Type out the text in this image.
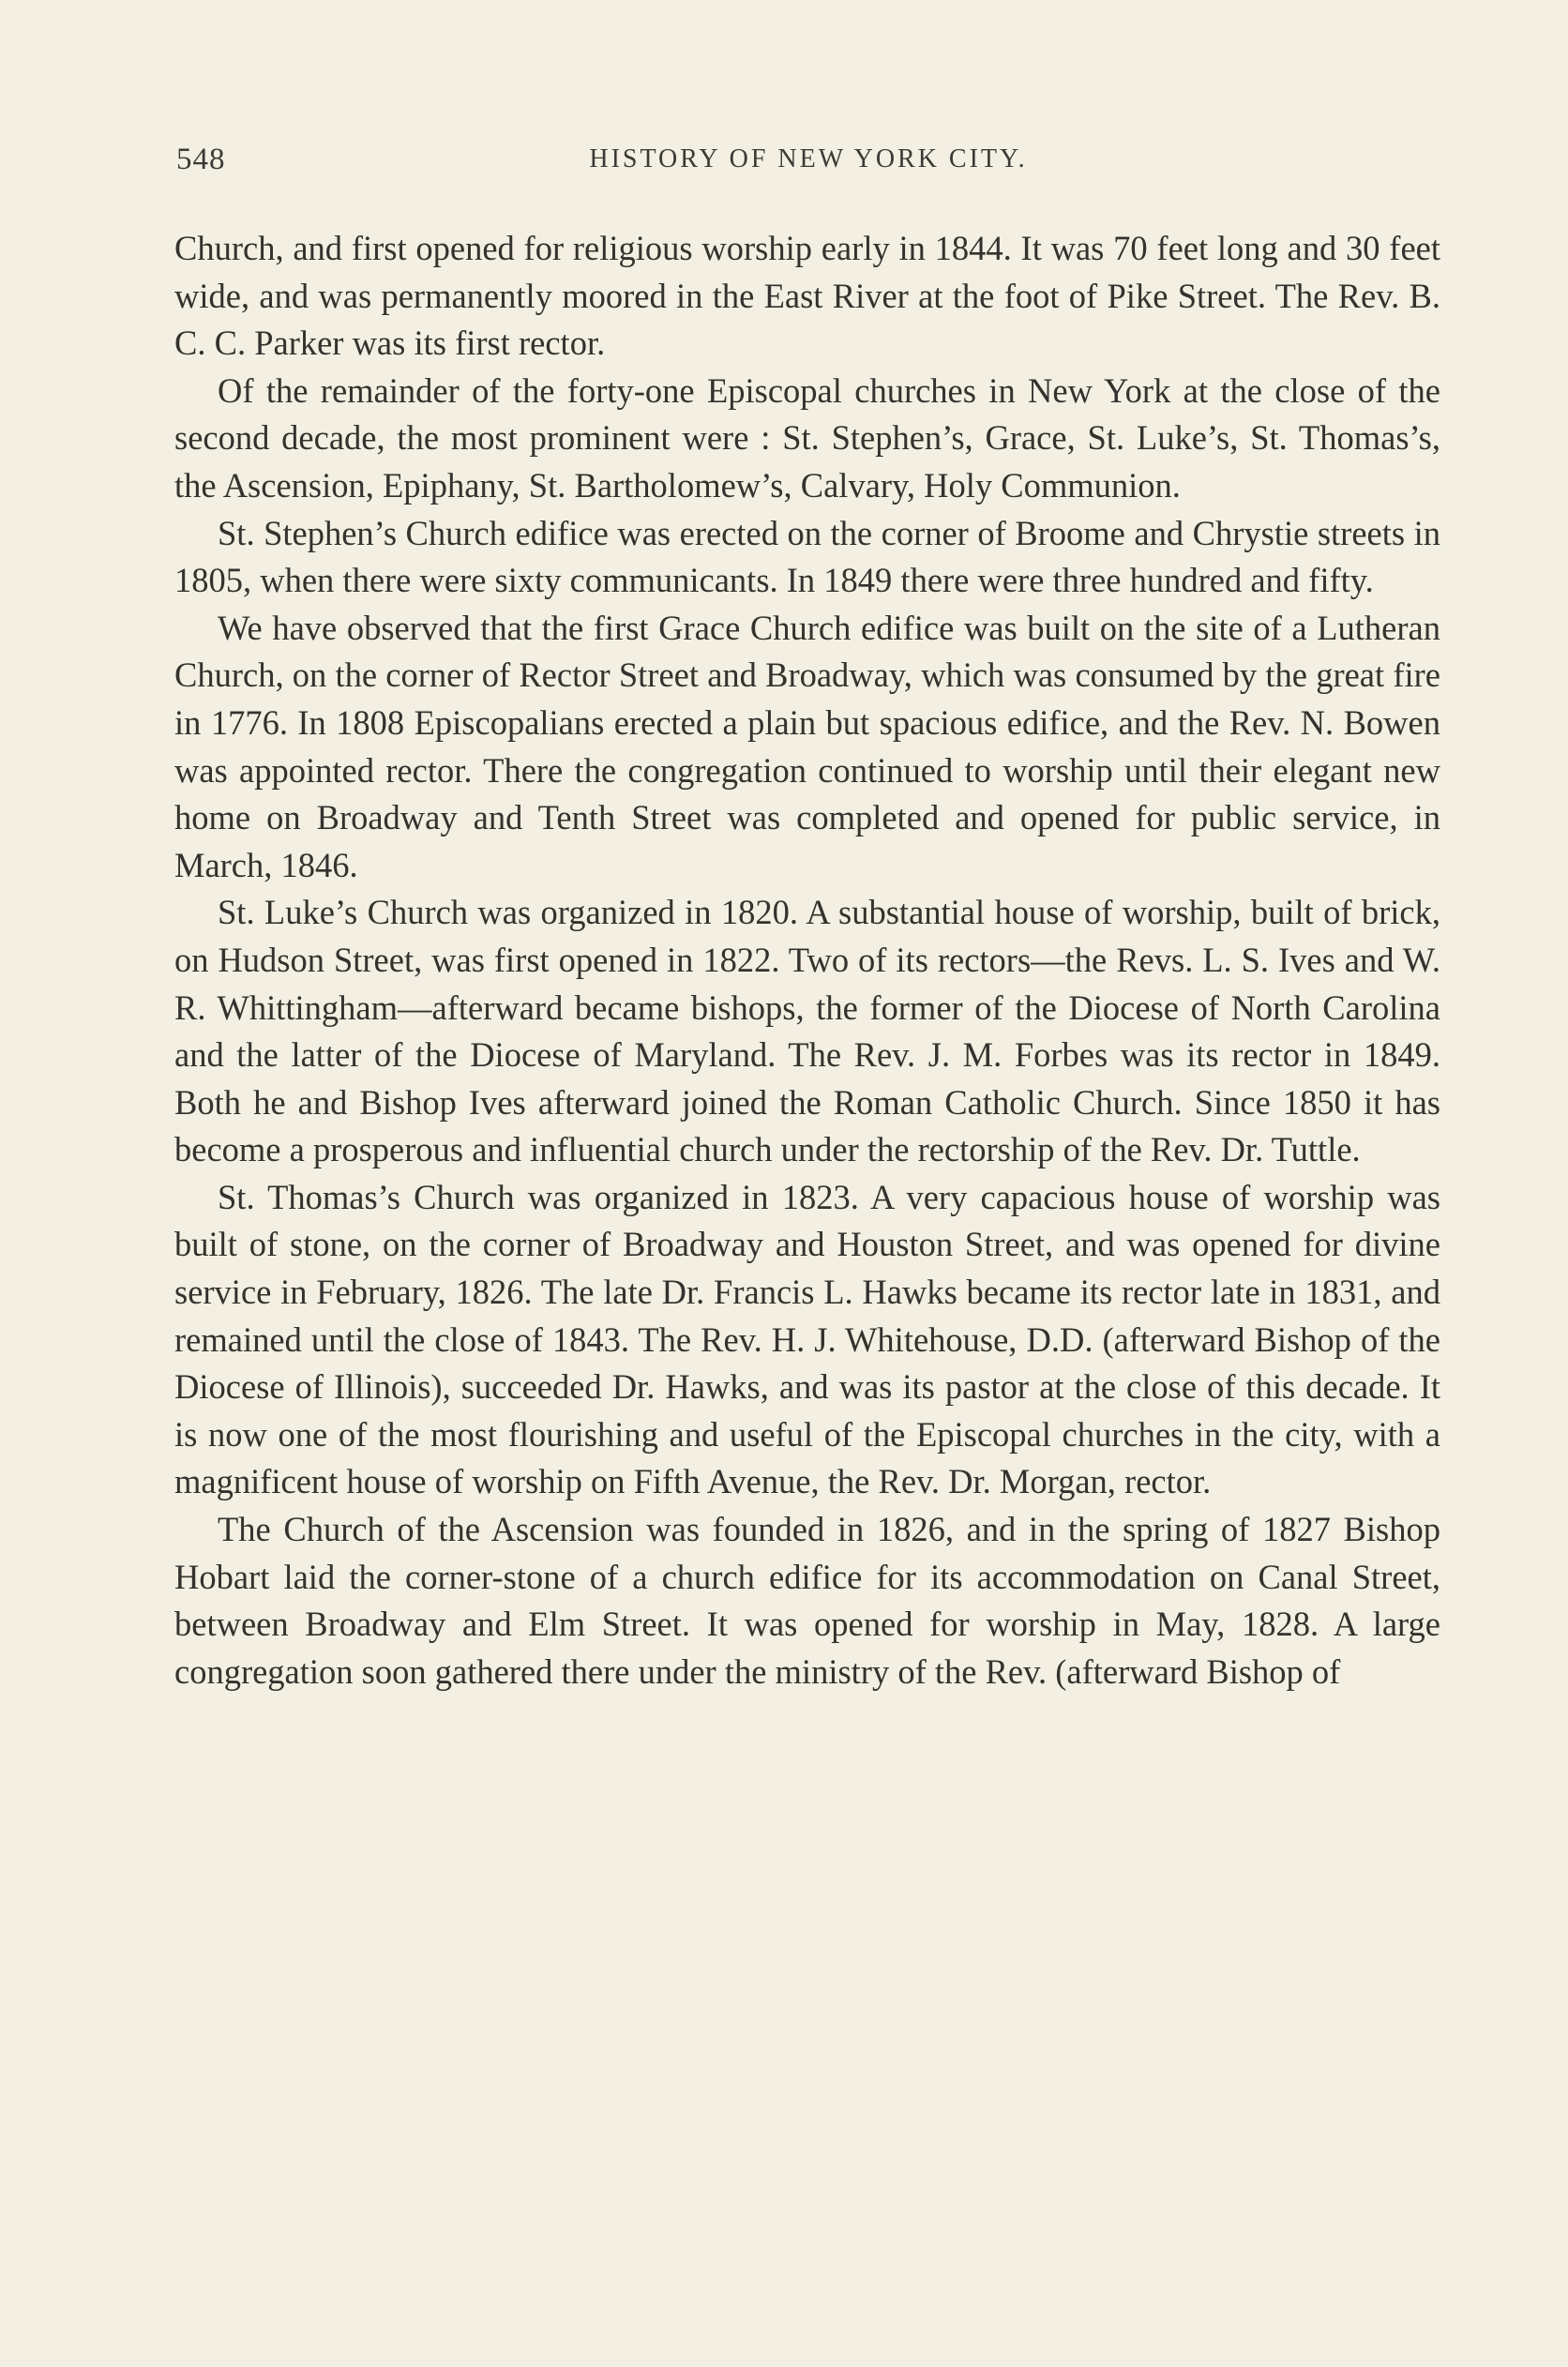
548	HISTORY OF NEW YORK CITY.

Church, and first opened for religious worship early in 1844. It was 70 feet long and 30 feet wide, and was permanently moored in the East River at the foot of Pike Street. The Rev. B. C. C. Parker was its first rector.

Of the remainder of the forty-one Episcopal churches in New York at the close of the second decade, the most prominent were : St. Stephen’s, Grace, St. Luke’s, St. Thomas’s, the Ascension, Epiphany, St. Bartholomew’s, Calvary, Holy Communion.

St. Stephen’s Church edifice was erected on the corner of Broome and Chrystie streets in 1805, when there were sixty communicants. In 1849 there were three hundred and fifty.

We have observed that the first Grace Church edifice was built on the site of a Lutheran Church, on the corner of Rector Street and Broadway, which was consumed by the great fire in 1776. In 1808 Episcopalians erected a plain but spacious edifice, and the Rev. N. Bowen was appointed rector. There the congregation continued to worship until their elegant new home on Broadway and Tenth Street was completed and opened for public service, in March, 1846.

St. Luke’s Church was organized in 1820. A substantial house of worship, built of brick, on Hudson Street, was first opened in 1822. Two of its rectors—the Revs. L. S. Ives and W. R. Whittingham—afterward became bishops, the former of the Diocese of North Carolina and the latter of the Diocese of Maryland. The Rev. J. M. Forbes was its rector in 1849. Both he and Bishop Ives afterward joined the Roman Catholic Church. Since 1850 it has become a prosperous and influential church under the rectorship of the Rev. Dr. Tuttle.

St. Thomas’s Church was organized in 1823. A very capacious house of worship was built of stone, on the corner of Broadway and Houston Street, and was opened for divine service in February, 1826. The late Dr. Francis L. Hawks became its rector late in 1831, and remained until the close of 1843. The Rev. H. J. Whitehouse, D.D. (afterward Bishop of the Diocese of Illinois), succeeded Dr. Hawks, and was its pastor at the close of this decade. It is now one of the most flourishing and useful of the Episcopal churches in the city, with a magnificent house of worship on Fifth Avenue, the Rev. Dr. Morgan, rector.

The Church of the Ascension was founded in 1826, and in the spring of 1827 Bishop Hobart laid the corner-stone of a church edifice for its accommodation on Canal Street, between Broadway and Elm Street. It was opened for worship in May, 1828. A large congregation soon gathered there under the ministry of the Rev. (afterward Bishop of
